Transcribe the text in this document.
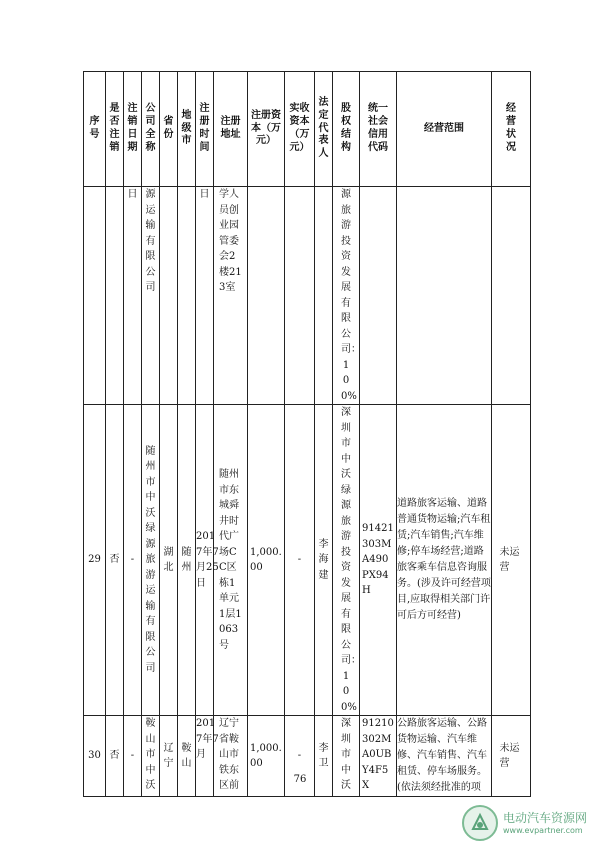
序号	是否注销	注销日期	公司全称	省份	地级市	注册时间	注册地址	注册资本（万元）	实收资本（万元）	法定代表人	股权结构	统一社会信用代码	经营范围	经营状况
		日	源运输有限公司			日	学人员创业园管委会2楼213室				源旅游投资发展有限公司：100%		

29	否	-	随州市中沃绿源旅游运输有限公司	湖北	随州	2017年7月25日	随州市东城舜井时代广场CC区栋1单元1层1063号	1,000.00	-	李海建	深圳市中沃绿源旅游投资发展有限公司：100%	91421303MA490PX94H	道路旅客运输、道路普通货物运输;汽车租赁;汽车销售;汽车维修;停车场经营;道路旅客乘车信息咨询服务。(涉及许可经营项目,应取得相关部门许可后方可经营)	未运营
30	否	-	鞍山市中沃	辽宁	鞍山	2017年7月	辽宁省鞍山市铁东区前	1,000.00	-	李卫	深圳市中沃	91210302MA0UBY4F5X	公路旅客运输、公路货物运输、汽车维修、汽车销售、汽车租赁、停车场服务。(依法须经批准的项	未运营
76
电动汽车资源网
www.evpartner.com
